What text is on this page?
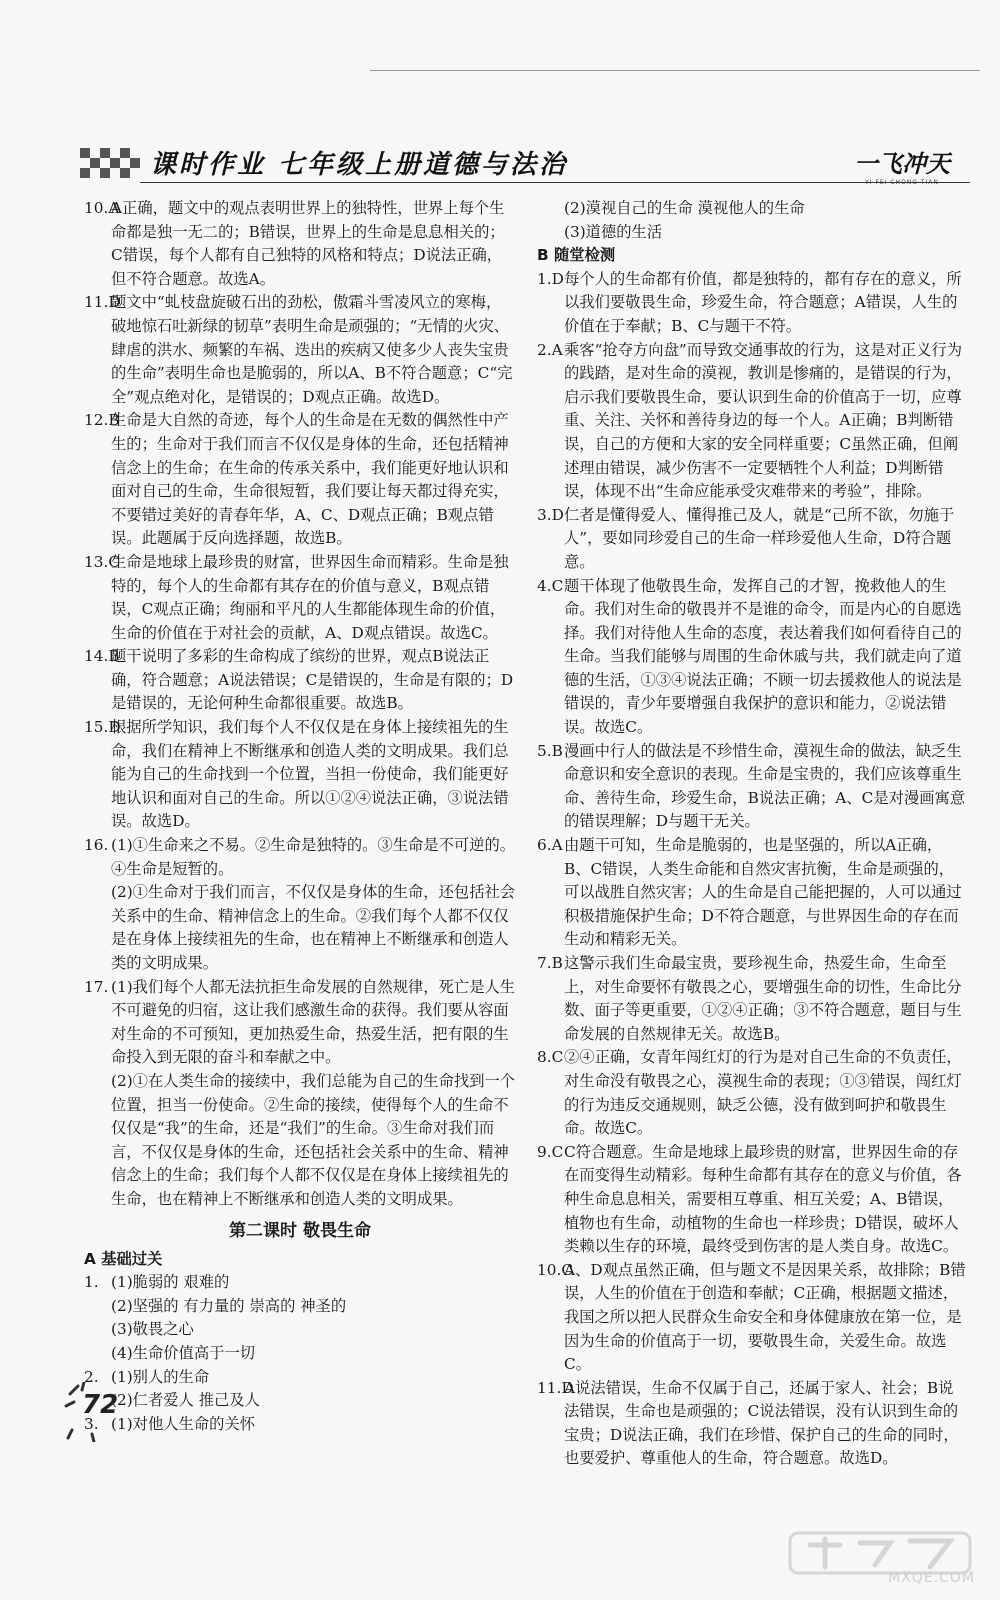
课时作业 七年级上册道德与法治	一飞冲天
YI FEI CHONG TIAN
10.A
A正确，题文中的观点表明世界上的独特性，世界上每个生命都是独一无二的；B错误，世界上的生命是息息相关的；C错误，每个人都有自己独特的风格和特点；D说法正确，但不符合题意。故选A。
11.D
题文中“虬枝盘旋破石出的劲松，傲霜斗雪凌风立的寒梅，破地惊石吐新绿的韧草”表明生命是顽强的；“无情的火灾、肆虐的洪水、频繁的车祸、迭出的疾病又使多少人丧失宝贵的生命”表明生命也是脆弱的，所以A、B不符合题意；C“完全”观点绝对化，是错误的；D观点正确。故选D。
12.B
生命是大自然的奇迹，每个人的生命是在无数的偶然性中产生的；生命对于我们而言不仅仅是身体的生命，还包括精神信念上的生命；在生命的传承关系中，我们能更好地认识和面对自己的生命，生命很短暂，我们要让每天都过得充实，不要错过美好的青春年华，A、C、D观点正确；B观点错误。此题属于反向选择题，故选B。
13.C
生命是地球上最珍贵的财富，世界因生命而精彩。生命是独特的，每个人的生命都有其存在的价值与意义，B观点错误，C观点正确；绚丽和平凡的人生都能体现生命的价值，生命的价值在于对社会的贡献，A、D观点错误。故选C。
14.B
题干说明了多彩的生命构成了缤纷的世界，观点B说法正确，符合题意；A说法错误；C是错误的，生命是有限的；D是错误的，无论何种生命都很重要。故选B。
15.D
根据所学知识，我们每个人不仅仅是在身体上接续祖先的生命，我们在精神上不断继承和创造人类的文明成果。我们总能为自己的生命找到一个位置，当担一份使命，我们能更好地认识和面对自己的生命。所以①②④说法正确，③说法错误。故选D。
16. (1)①生命来之不易。②生命是独特的。③生命是不可逆的。④生命是短暂的。
(2)①生命对于我们而言，不仅仅是身体的生命，还包括社会关系中的生命、精神信念上的生命。②我们每个人都不仅仅是在身体上接续祖先的生命，也在精神上不断继承和创造人类的文明成果。
17. (1)我们每个人都无法抗拒生命发展的自然规律，死亡是人生不可避免的归宿，这让我们感激生命的获得。我们要从容面对生命的不可预知，更加热爱生命，热爱生活，把有限的生命投入到无限的奋斗和奉献之中。
(2)①在人类生命的接续中，我们总能为自己的生命找到一个位置，担当一份使命。②生命的接续，使得每个人的生命不仅仅是“我”的生命，还是“我们”的生命。③生命对我们而言，不仅仅是身体的生命，还包括社会关系中的生命、精神信念上的生命；我们每个人都不仅仅是在身体上接续祖先的生命，也在精神上不断继承和创造人类的文明成果。
第二课时 敬畏生命
A 基础过关
1. (1)脆弱的 艰难的
(2)坚强的 有力量的 崇高的 神圣的
(3)敬畏之心
(4)生命价值高于一切
2. (1)别人的生命
(2)仁者爱人 推己及人
3. (1)对他人生命的关怀
(2)漠视自己的生命 漠视他人的生命
(3)道德的生活
B 随堂检测
1.D 每个人的生命都有价值，都是独特的，都有存在的意义，所以我们要敬畏生命，珍爱生命，符合题意；A错误，人生的价值在于奉献；B、C与题干不符。
2.A 乘客“抢夺方向盘”而导致交通事故的行为，这是对正义行为的践踏，是对生命的漠视，教训是惨痛的，是错误的行为，启示我们要敬畏生命，要认识到生命的价值高于一切，应尊重、关注、关怀和善待身边的每一个人。A正确；B判断错误，自己的方便和大家的安全同样重要；C虽然正确，但阐述理由错误，减少伤害不一定要牺牲个人利益；D判断错误，体现不出“生命应能承受灾难带来的考验”，排除。
3.D 仁者是懂得爱人、懂得推己及人，就是“己所不欲，勿施于人”，要如同珍爱自己的生命一样珍爱他人生命，D符合题意。
4.C 题干体现了他敬畏生命，发挥自己的才智，挽救他人的生命。我们对生命的敬畏并不是谁的命令，而是内心的自愿选择。我们对待他人生命的态度，表达着我们如何看待自己的生命。当我们能够与周围的生命休戚与共，我们就走向了道德的生活，①③④说法正确；不顾一切去援救他人的说法是错误的，青少年要增强自我保护的意识和能力，②说法错误。故选C。
5.B 漫画中行人的做法是不珍惜生命，漠视生命的做法，缺乏生命意识和安全意识的表现。生命是宝贵的，我们应该尊重生命、善待生命，珍爱生命，B说法正确；A、C是对漫画寓意的错误理解；D与题干无关。
6.A 由题干可知，生命是脆弱的，也是坚强的，所以A正确，B、C错误，人类生命能和自然灾害抗衡，生命是顽强的，可以战胜自然灾害；人的生命是自己能把握的，人可以通过积极措施保护生命；D不符合题意，与世界因生命的存在而生动和精彩无关。
7.B 这警示我们生命最宝贵，要珍视生命，热爱生命，生命至上，对生命要怀有敬畏之心，要增强生命的切性，生命比分数、面子等更重要，①②④正确；③不符合题意，题目与生命发展的自然规律无关。故选B。
8.C ②④正确，女青年闯红灯的行为是对自己生命的不负责任，对生命没有敬畏之心，漠视生命的表现；①③错误，闯红灯的行为违反交通规则，缺乏公德，没有做到呵护和敬畏生命。故选C。
9.C C符合题意。生命是地球上最珍贵的财富，世界因生命的存在而变得生动精彩。每种生命都有其存在的意义与价值，各种生命息息相关，需要相互尊重、相互关爱；A、B错误，植物也有生命，动植物的生命也一样珍贵；D错误，破坏人类赖以生存的环境，最终受到伤害的是人类自身。故选C。
10.C
A、D观点虽然正确，但与题文不是因果关系，故排除；B错误，人生的价值在于创造和奉献；C正确，根据题文描述，我国之所以把人民群众生命安全和身体健康放在第一位，是因为生命的价值高于一切，要敬畏生命，关爱生命。故选C。
11.D
A说法错误，生命不仅属于自己，还属于家人、社会；B说法错误，生命也是顽强的；C说法错误，没有认识到生命的宝贵；D说法正确，我们在珍惜、保护自己的生命的同时，也要爱护、尊重他人的生命，符合题意。故选D。
72
MXQE.COM
